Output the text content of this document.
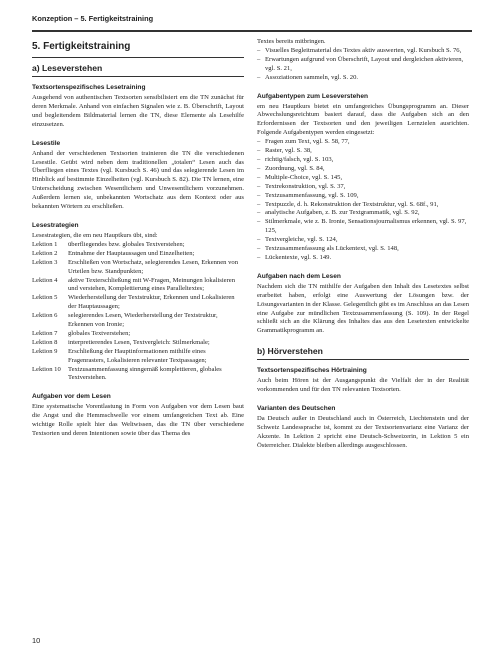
Konzeption – 5. Fertigkeitstraining
5. Fertigkeitstraining
a) Leseverstehen
Textsortenspezifisches Lesetraining

Ausgehend von authentischen Textsorten sensibilisiert em die TN zunächst für deren Merkmale. Anhand von einfachen Signalen wie z. B. Überschrift, Layout und begleitendem Bildmaterial lernen die TN, diese Elemente als Lesehilfe einzusetzen.

Lesestile

Anhand der verschiedenen Textsorten trainieren die TN die verschiedenen Lesestile. Geübt wird neben dem traditionellen „totalen“ Lesen auch das Überfliegen eines Textes (vgl. Kursbuch S. 46) und das selegierende Lesen im Hinblick auf bestimmte Einzelheiten (vgl. Kursbuch S. 82). Die TN lernen, eine Unterscheidung zwischen Wesentlichem und Unwesentlichem vorzunehmen. Außerdem lernen sie, unbekannten Wortschatz aus dem Kontext oder aus bekannten Wörtern zu erschließen.

Lesestrategien

Lesestrategien, die em neu Hauptkurs übt, sind:

Lektion 1	überfliegendes bzw. globales Textverstehen;
Lektion 2	Entnahme der Hauptaussagen und Einzelheiten;
Lektion 3	Erschließen von Wortschatz, selegierendes Lesen, Erkennen von Urteilen bzw. Standpunkten;
Lektion 4	aktive Texterschließung mit W-Fragen, Meinungen lokalisieren und verstehen, Komplettierung eines Paralleltextes;
Lektion 5	Wiederherstellung der Textstruktur, Erkennen und Lokalisieren der Hauptaussagen;
Lektion 6	selegierendes Lesen, Wiederherstellung der Textstruktur, Erkennen von Ironie;
Lektion 7	globales Textverstehen;
Lektion 8	interpretierendes Lesen, Textvergleich: Stilmerkmale;
Lektion 9	Erschließung der Hauptinformationen mithilfe eines Fragenrasters, Lokalisieren relevanter Textpassagen;
Lektion 10	Textzusammenfassung sinngemäß komplettieren, globales Textverstehen.
Aufgaben vor dem Lesen

Eine systematische Vorentlastung in Form von Aufgaben vor dem Lesen baut die Angst und die Hemmschwelle vor einem umfangreichen Text ab. Eine wichtige Rolle spielt hier das Weltwissen, das die TN über verschiedene Textsorten und deren Intentionen sowie über das Thema des

Textes bereits mitbringen.

– Visuelles Begleitmaterial des Textes aktiv auswerten, vgl. Kursbuch S. 76,
– Erwartungen aufgrund von Überschrift, Layout und dergleichen aktivieren, vgl. S. 21,
– Assoziationen sammeln, vgl. S. 20.
Aufgabentypen zum Leseverstehen

em neu Hauptkurs bietet ein umfangreiches Übungsprogramm an. Dieser Abwechslungsreichtum basiert darauf, dass die Aufgaben sich an den Erfordernissen der Textsorten und den jeweiligen Lernzielen ausrichten. Folgende Aufgabentypen werden eingesetzt:

– Fragen zum Text, vgl. S. 58, 77,
– Raster, vgl. S. 38,
– richtig/falsch, vgl. S. 103,
– Zuordnung, vgl. S. 84,
– Multiple-Choice, vgl. S. 145,
– Textrekonstruktion, vgl. S. 37,
– Textzusammenfassung, vgl. S. 109,
– Textpuzzle, d. h. Rekonstruktion der Textstruktur, vgl. S. 68f., 91,
– analytische Aufgaben, z. B. zur Textgrammatik, vgl. S. 92,
– Stilmerkmale, wie z. B. Ironie, Sensationsjournalismus erkennen, vgl. S. 97, 125,
– Textvergleiche, vgl. S. 124,
– Textzusammenfassung als Lückentext, vgl. S. 148,
– Lückentexte, vgl. S. 149.
Aufgaben nach dem Lesen

Nachdem sich die TN mithilfe der Aufgaben den Inhalt des Lesetextes selbst erarbeitet haben, erfolgt eine Auswertung der Lösungen bzw. der Lösungsvarianten in der Klasse. Gelegentlich gibt es im Anschluss an das Lesen eine Aufgabe zur mündlichen Textzusammenfassung (S. 109). In der Regel schließt sich an die Klärung des Inhaltes das aus den Lesetexten entwickelte Grammatikprogramm an.

b) Hörverstehen
Textsortenspezifisches Hörtraining

Auch beim Hören ist der Ausgangspunkt die Vielfalt der in der Realität vorkommenden und für den TN relevanten Textsorten.

Varianten des Deutschen

Da Deutsch außer in Deutschland auch in Österreich, Liechtenstein und der Schweiz Landessprache ist, kommt zu der Textsortenvarianz eine Varianz der Akzente. In Lektion 2 spricht eine Deutsch-Schweizerin, in Lektion 5 ein Österreicher. Dialekte bleiben allerdings ausgeschlossen.

10
